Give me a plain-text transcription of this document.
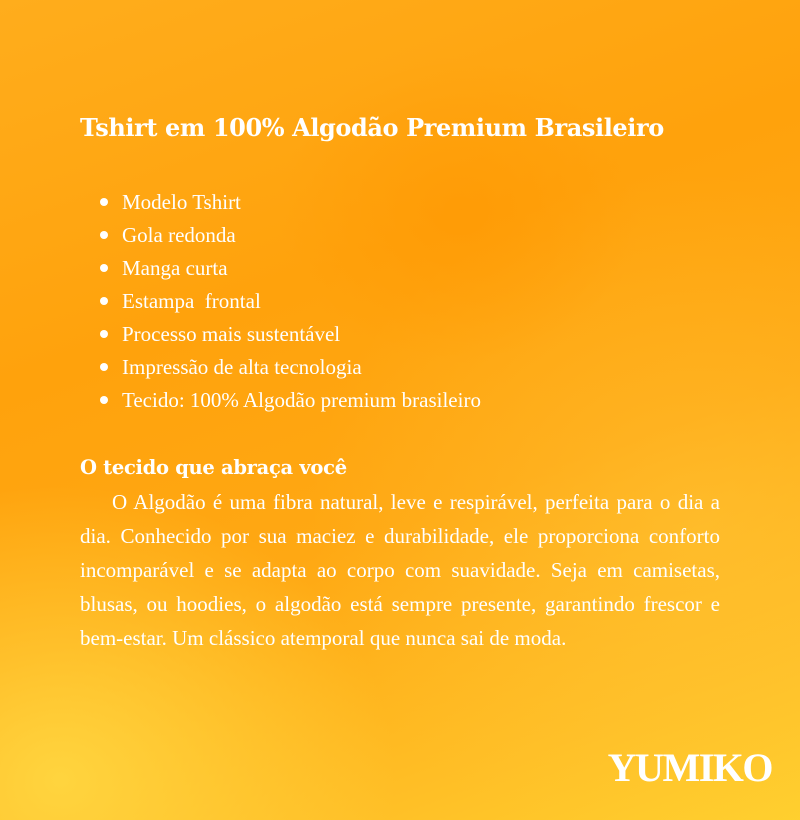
Tshirt em 100% Algodão Premium Brasileiro
Modelo Tshirt
Gola redonda
Manga curta
Estampa  frontal
Processo mais sustentável
Impressão de alta tecnologia
Tecido: 100% Algodão premium brasileiro
O tecido que abraça você

O Algodão é uma fibra natural, leve e respirável, perfeita para o dia a dia. Conhecido por sua maciez e durabilidade, ele proporciona conforto incomparável e se adapta ao corpo com suavidade. Seja em camisetas, blusas, ou hoodies, o algodão está sempre presente, garantindo frescor e bem-estar. Um clássico atemporal que nunca sai de moda.

YUMIKO
